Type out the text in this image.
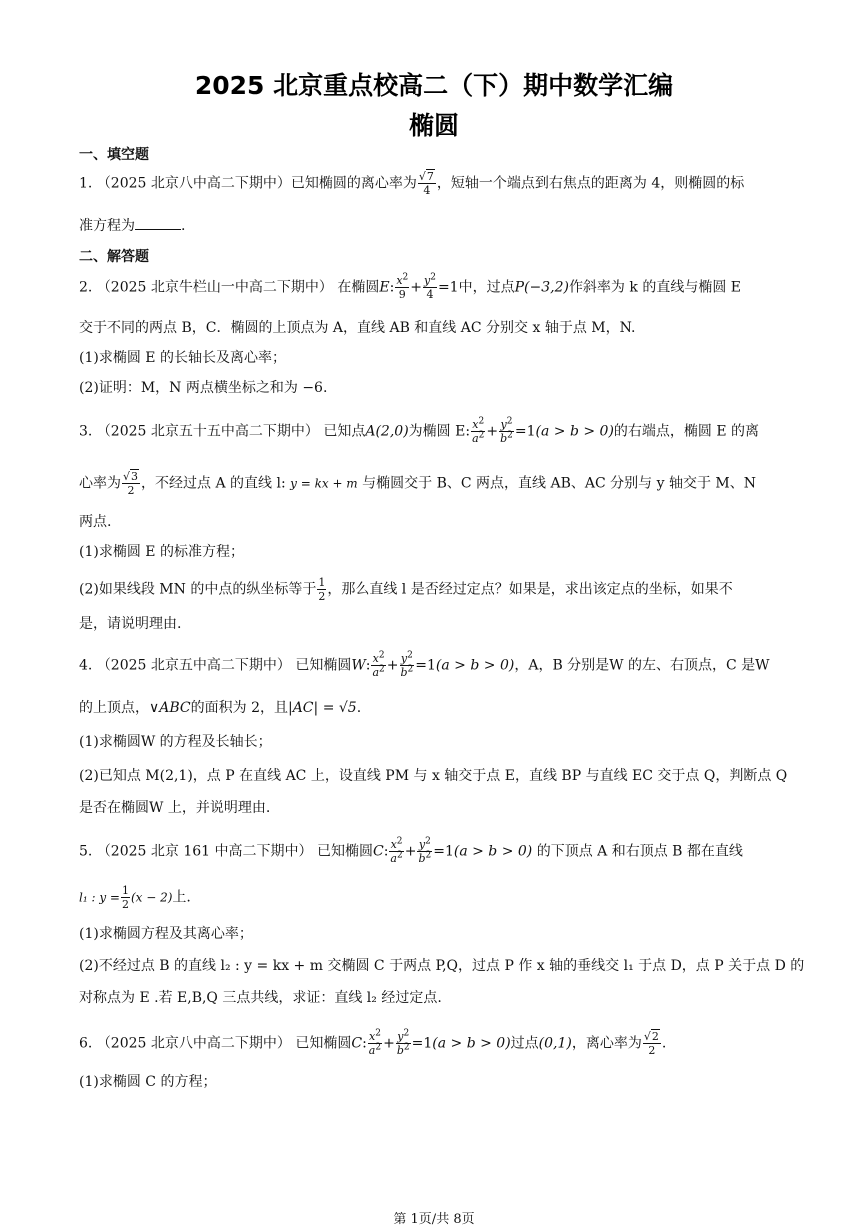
2025 北京重点校高二（下）期中数学汇编
椭圆
一、填空题
1. （2025 北京八中高二下期中）已知椭圆的离心率为 $\frac{√7}{4}$ ，短轴一个端点到右焦点的距离为 4，则椭圆的标
准方程为	.
二、解答题
2. （2025 北京牛栏山一中高二下期中） 在椭圆E: $\frac{x^2}{9} + \frac{y^2}{4} =1$中，过点P(−3,2)作斜率为 k 的直线与椭圆 E
交于不同的两点 B，C．椭圆的上顶点为 A，直线 AB 和直线 AC 分别交 x 轴于点 M，N.
(1)求椭圆 E 的长轴长及离心率；
(2)证明：M，N 两点横坐标之和为 −6.
3. （2025 北京五十五中高二下期中） 已知点A(2,0)为椭圆 E: $\frac{x^2}{a^2} + \frac{y^2}{b^2} =1(a > b > 0)$的右端点，椭圆 E 的离
心率为 $\frac{√3}{2}$ ，不经过点 A 的直线 l: y = kx + m 与椭圆交于 B、C 两点，直线 AB、AC 分别与 y 轴交于 M、N
两点.
(1)求椭圆 E 的标准方程；
(2)如果线段 MN 的中点的纵坐标等于 $\frac{1}{2}$ ，那么直线 l 是否经过定点？如果是，求出该定点的坐标，如果不
是，请说明理由.
4. （2025 北京五中高二下期中） 已知椭圆W: $\frac{x^2}{a^2} + \frac{y^2}{b^2} =1(a > b > 0)$，A，B 分别是W 的左、右顶点，C 是W
的上顶点，∨ABC的面积为 2，且|AC| = √5.
(1)求椭圆W 的方程及长轴长；
(2)已知点 M(2,1)，点 P 在直线 AC 上，设直线 PM 与 x 轴交于点 E，直线 BP 与直线 EC 交于点 Q，判断点 Q
是否在椭圆W 上，并说明理由.
5. （2025 北京 161 中高二下期中） 已知椭圆C: $\frac{x^2}{a^2} + \frac{y^2}{b^2} =1(a > b > 0)$ 的下顶点 A 和右顶点 B 都在直线
l₁ : $y = \frac{1}{2} (x - 2)$上.
(1)求椭圆方程及其离心率；
(2)不经过点 B 的直线 l₂ : y = kx + m 交椭圆 C 于两点 P,Q，过点 P 作 x 轴的垂线交 l₁ 于点 D，点 P 关于点 D 的
对称点为 E .若 E,B,Q 三点共线，求证：直线 l₂ 经过定点.
6. （2025 北京八中高二下期中） 已知椭圆C: $\frac{x^2}{a^2} + \frac{y^2}{b^2} =1(a > b > 0)$过点(0,1)，离心率为 $\frac{√2}{2}$ .
(1)求椭圆 C 的方程；
第 1页/共 8页
